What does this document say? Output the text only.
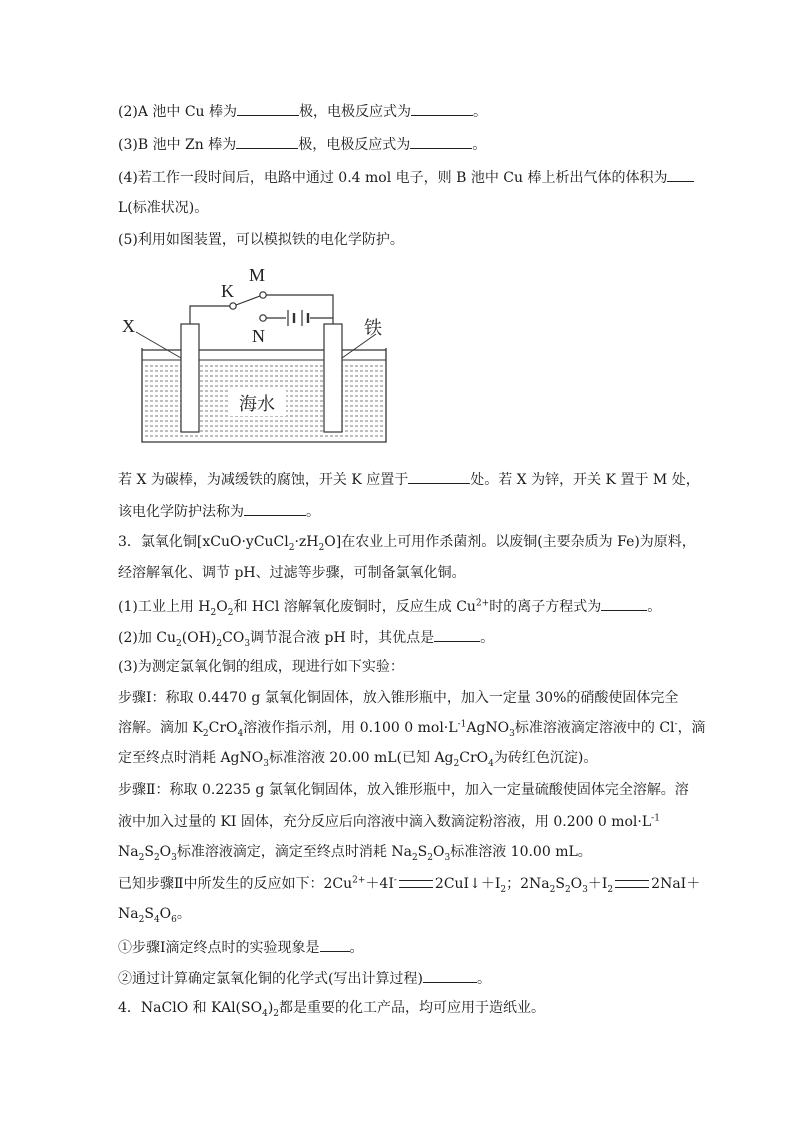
(2)A 池中 Cu 棒为	极，电极反应式为	。
(3)B 池中 Zn 棒为	极，电极反应式为	。
(4)若工作一段时间后，电路中通过 0.4 mol 电子，则 B 池中 Cu 棒上析出气体的体积为
L(标准状况)。
(5)利用如图装置，可以模拟铁的电化学防护。
X
K
M
N	铁
海水
若 X 为碳棒，为减缓铁的腐蚀，开关 K 应置于	处。若 X 为锌，开关 K 置于 M 处，
该电化学防护法称为	。
3．氯氧化铜$[xCuO\cdot yCuCl_2\cdot zH_2O]$在农业上可用作杀菌剂。以废铜(主要杂质为 Fe)为原料，
经溶解氧化、调节 pH、过滤等步骤，可制备氯氧化铜。
(1)工业上用 $H_2O_2$和 HCl 溶解氧化废铜时，反应生成 $Cu^{2+}$时的离子方程式为	。
(2)加 $Cu_2(OH)_2CO_3$调节混合液 pH 时，其优点是	。
(3)为测定氯氧化铜的组成，现进行如下实验：
步骤Ⅰ：称取 0.4470 g 氯氧化铜固体，放入锥形瓶中，加入一定量 30%的硝酸使固体完全
溶解。滴加 $K_2CrO_4$溶液作指示剂，用 0.100 0 $mol\cdot L^{-1}AgNO_3$标准溶液滴定溶液中的 Cl-，滴
定至终点时消耗 AgNO$_3$标准溶液 20.00 mL(已知 $Ag_2CrO_4$为砖红色沉淀)。
步骤Ⅱ：称取 0.2235 g 氯氧化铜固体，放入锥形瓶中，加入一定量硫酸使固体完全溶解。溶
液中加入过量的 KI 固体，充分反应后向溶液中滴入数滴淀粉溶液，用 0.200 0 $mol\cdot L^{-1}$
$Na_2S_2O_3$标准溶液滴定，滴定至终点时消耗 $Na_2S_2O_3$标准溶液 10.00 mL。
已知步骤Ⅱ中所发生的反应如下：$2Cu^{2+}+4I^-$	$2CuI↓+I_2$；$2Na_2S_2O_3+I_2$	2NaI＋
$Na_2S_4O_6$。
①步骤Ⅰ滴定终点时的实验现象是 。
②通过计算确定氯氧化铜的化学式(写出计算过程)	。
4．NaClO 和 $KAl(SO_4)_2$都是重要的化工产品，均可应用于造纸业。
